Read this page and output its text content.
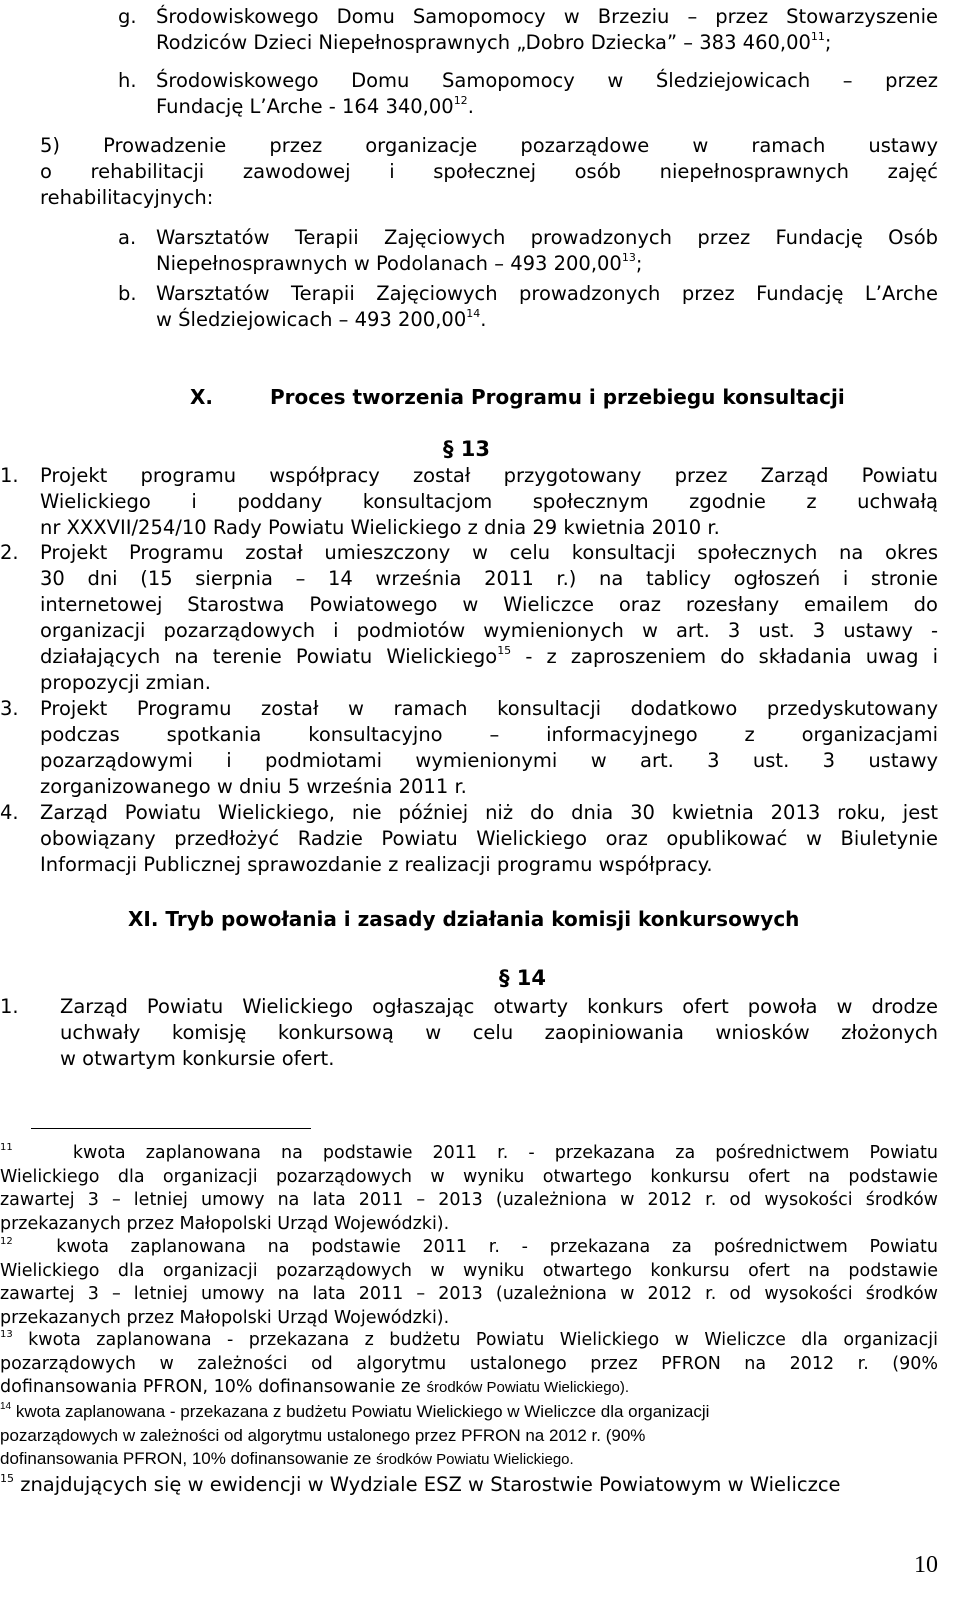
g. Środowiskowego Domu Samopomocy w Brzeziu – przez Stowarzyszenie
Rodziców Dzieci Niepełnosprawnych „Dobro Dziecka” – 383 460,00$^{11}$;
h. Środowiskowego Domu Samopomocy w Śledziejowicach – przez
Fundację L’Arche - 164 340,00$^{12}$.
5) Prowadzenie przez organizacje pozarządowe w ramach ustawy
o rehabilitacji zawodowej i społecznej osób niepełnosprawnych zajęć
rehabilitacyjnych:
a. Warsztatów Terapii Zajęciowych prowadzonych przez Fundację Osób
Niepełnosprawnych w Podolanach – 493 200,00$^{13}$;
b. Warsztatów Terapii Zajęciowych prowadzonych przez Fundację L’Arche
w Śledziejowicach – 493 200,00$^{14}$.
X.	Proces tworzenia Programu i przebiegu konsultacji
§ 13
1. Projekt programu współpracy został przygotowany przez Zarząd Powiatu
Wielickiego i poddany konsultacjom społecznym zgodnie z uchwałą
nr XXXVII/254/10 Rady Powiatu Wielickiego z dnia 29 kwietnia 2010 r.
2. Projekt Programu został umieszczony w celu konsultacji społecznych na okres
30 dni (15 sierpnia – 14 września 2011 r.) na tablicy ogłoszeń i stronie
internetowej Starostwa Powiatowego w Wieliczce oraz rozesłany emailem do
organizacji pozarządowych i podmiotów wymienionych w art. 3 ust. 3 ustawy -
działających na terenie Powiatu Wielickiego$^{15}$ - z zaproszeniem do składania uwag i
propozycji zmian.
3. Projekt Programu został w ramach konsultacji dodatkowo przedyskutowany
podczas spotkania konsultacyjno – informacyjnego z organizacjami
pozarządowymi i podmiotami wymienionymi w art. 3 ust. 3 ustawy
zorganizowanego w dniu 5 września 2011 r.
4. Zarząd Powiatu Wielickiego, nie później niż do dnia 30 kwietnia 2013 roku, jest
obowiązany przedłożyć Radzie Powiatu Wielickiego oraz opublikować w Biuletynie
Informacji Publicznej sprawozdanie z realizacji programu współpracy.
XI. Tryb powołania i zasady działania komisji konkursowych
§ 14
1. Zarząd Powiatu Wielickiego ogłaszając otwarty konkurs ofert powoła w drodze
uchwały komisję konkursową w celu zaopiniowania wniosków złożonych
w otwartym konkursie ofert.
$^{11}$	kwota zaplanowana na podstawie 2011 r. - przekazana za pośrednictwem Powiatu
Wielickiego dla organizacji pozarządowych w wyniku otwartego konkursu ofert na podstawie
zawartej 3 – letniej umowy na lata 2011 – 2013 (uzależniona w 2012 r. od wysokości środków
przekazanych przez Małopolski Urząd Wojewódzki).
$^{12}$ kwota zaplanowana na podstawie 2011 r. - przekazana za pośrednictwem Powiatu
Wielickiego dla organizacji pozarządowych w wyniku otwartego konkursu ofert na podstawie
zawartej 3 – letniej umowy na lata 2011 – 2013 (uzależniona w 2012 r. od wysokości środków
przekazanych przez Małopolski Urząd Wojewódzki).
$^{13}$ kwota zaplanowana - przekazana z budżetu Powiatu Wielickiego w Wieliczce dla organizacji
pozarządowych w zależności od algorytmu ustalonego przez PFRON na 2012 r. (90%
dofinansowania PFRON, 10% dofinansowanie ze środków Powiatu Wielickiego).
$^{14}$ kwota zaplanowana - przekazana z budżetu Powiatu Wielickiego w Wieliczce dla organizacji
pozarządowych w zależności od algorytmu ustalonego przez PFRON na 2012 r. (90%
dofinansowania PFRON, 10% dofinansowanie ze środków Powiatu Wielickiego.
$^{15}$ znajdujących się w ewidencji w Wydziale ESZ w Starostwie Powiatowym w Wieliczce
10
